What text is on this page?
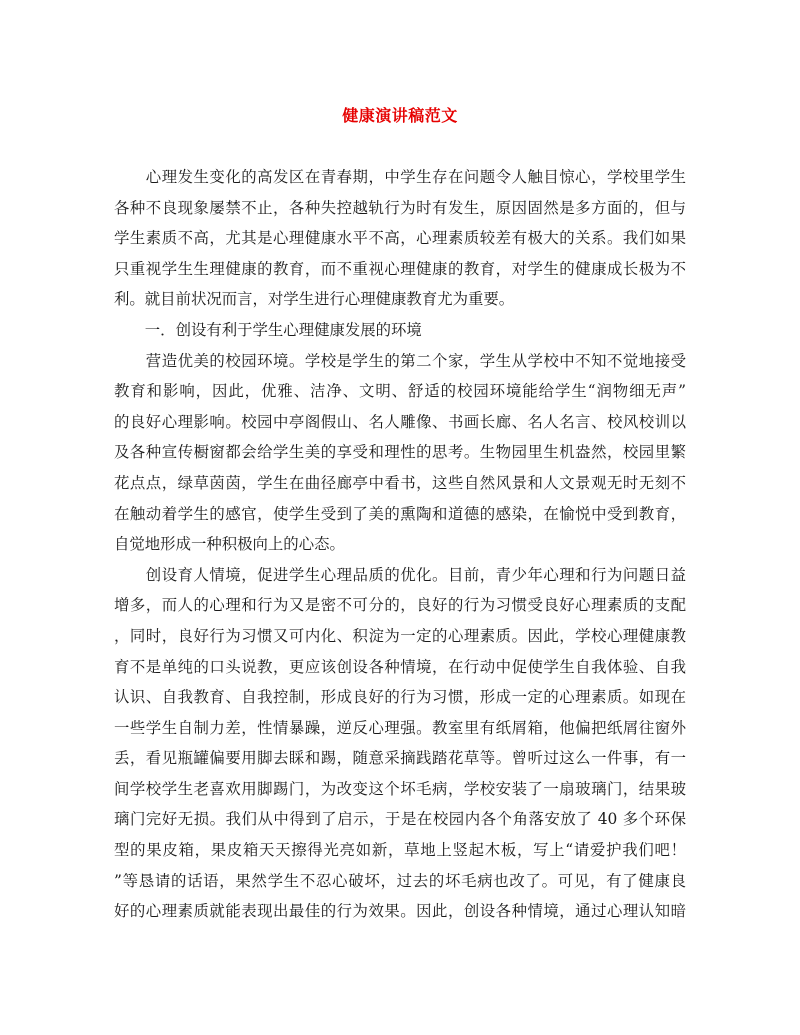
健康演讲稿范文
　　心理发生变化的高发区在青春期，中学生存在问题令人触目惊心，学校里学生
各种不良现象屡禁不止，各种失控越轨行为时有发生，原因固然是多方面的，但与
学生素质不高，尤其是心理健康水平不高，心理素质较差有极大的关系。我们如果
只重视学生生理健康的教育，而不重视心理健康的教育，对学生的健康成长极为不
利。就目前状况而言，对学生进行心理健康教育尤为重要。
　　一．创设有利于学生心理健康发展的环境
　　营造优美的校园环境。学校是学生的第二个家，学生从学校中不知不觉地接受
教育和影响，因此，优雅、洁净、文明、舒适的校园环境能给学生“润物细无声”
的良好心理影响。校园中亭阁假山、名人雕像、书画长廊、名人名言、校风校训以
及各种宣传橱窗都会给学生美的享受和理性的思考。生物园里生机盎然，校园里繁
花点点，绿草茵茵，学生在曲径廊亭中看书，这些自然风景和人文景观无时无刻不
在触动着学生的感官，使学生受到了美的熏陶和道德的感染，在愉悦中受到教育，
自觉地形成一种积极向上的心态。
　　创设育人情境，促进学生心理品质的优化。目前，青少年心理和行为问题日益
增多，而人的心理和行为又是密不可分的，良好的行为习惯受良好心理素质的支配
，同时，良好行为习惯又可内化、积淀为一定的心理素质。因此，学校心理健康教
育不是单纯的口头说教，更应该创设各种情境，在行动中促使学生自我体验、自我
认识、自我教育、自我控制，形成良好的行为习惯，形成一定的心理素质。如现在
一些学生自制力差，性情暴躁，逆反心理强。教室里有纸屑箱，他偏把纸屑往窗外
丢，看见瓶罐偏要用脚去睬和踢，随意采摘践踏花草等。曾听过这么一件事，有一
间学校学生老喜欢用脚踢门，为改变这个坏毛病，学校安装了一扇玻璃门，结果玻
璃门完好无损。我们从中得到了启示，于是在校园内各个角落安放了 40 多个环保
型的果皮箱，果皮箱天天擦得光亮如新，草地上竖起木板，写上“请爱护我们吧！
”等恳请的话语，果然学生不忍心破坏，过去的坏毛病也改了。可见，有了健康良
好的心理素质就能表现出最佳的行为效果。因此，创设各种情境，通过心理认知暗
